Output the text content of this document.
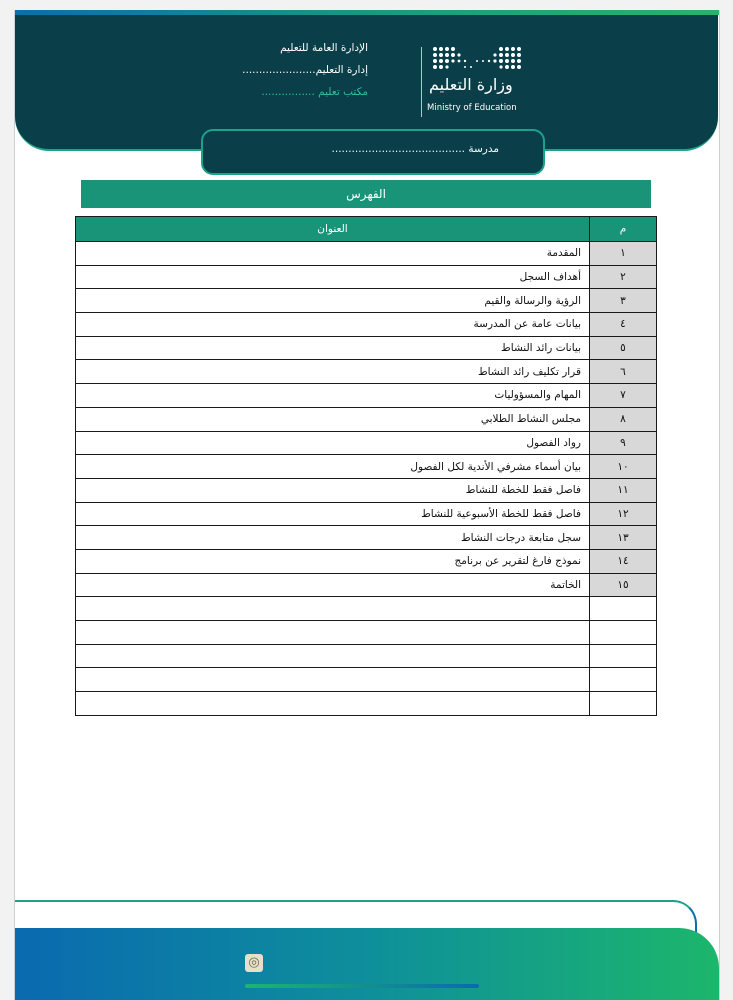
وزارة التعليم
Ministry of Education
الإدارة العامة للتعليم
إدارة التعليم......................
مكتب تعليم ................
مدرسة ........................................
الفهرس
م	العنوان
١	المقدمة
٢	أهداف السجل
٣	الرؤية والرسالة والقيم
٤	بيانات عامة عن المدرسة
٥	بيانات رائد النشاط
٦	قرار تكليف رائد النشاط
٧	المهام والمسؤوليات
٨	مجلس النشاط الطلابي
٩	رواد الفصول
١٠	بيان أسماء مشرفي الأندية لكل الفصول
١١	فاصل فقط للخطة للنشاط
١٢	فاصل فقط للخطة الأسبوعية للنشاط
١٣	سجل متابعة درجات النشاط
١٤	نموذج فارغ لتقرير عن برنامج
١٥	الخاتمة

◎
